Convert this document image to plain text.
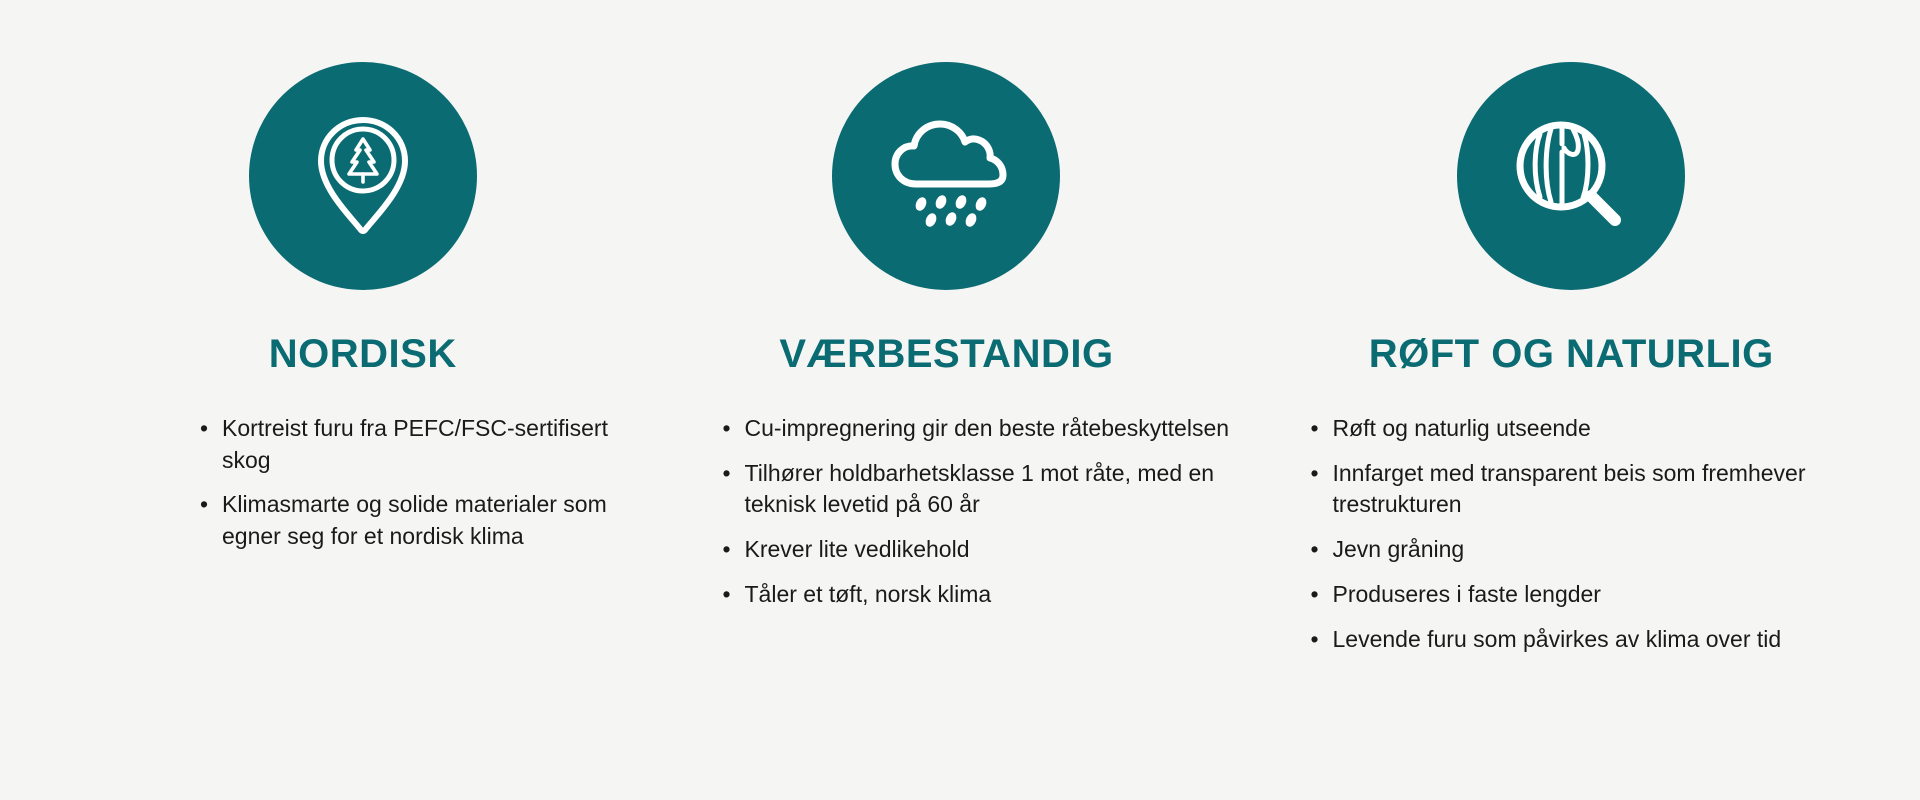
NORDISK
• Kortreist furu fra PEFC/FSC-sertifisert skog
• Klimasmarte og solide materialer som egner seg for et nordisk klima
VÆRBESTANDIG
• Cu-impregnering gir den beste råtebeskyttelsen
• Tilhører holdbarhetsklasse 1 mot råte, med en teknisk levetid på 60 år
• Krever lite vedlikehold
• Tåler et tøft, norsk klima
RØFT OG NATURLIG
• Røft og naturlig utseende
• Innfarget med transparent beis som fremhever trestrukturen
• Jevn gråning
• Produseres i faste lengder
• Levende furu som påvirkes av klima over tid
